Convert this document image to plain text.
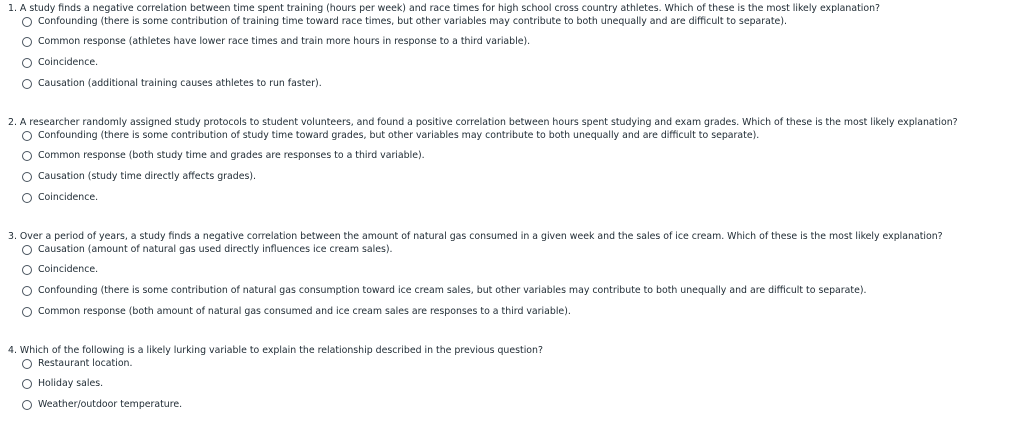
1. A study finds a negative correlation between time spent training (hours per week) and race times for high school cross country athletes. Which of these is the most likely explanation?

Confounding (there is some contribution of training time toward race times, but other variables may contribute to both unequally and are difficult to separate).
Common response (athletes have lower race times and train more hours in response to a third variable).
Coincidence.
Causation (additional training causes athletes to run faster).

2. A researcher randomly assigned study protocols to student volunteers, and found a positive correlation between hours spent studying and exam grades. Which of these is the most likely explanation?

Confounding (there is some contribution of study time toward grades, but other variables may contribute to both unequally and are difficult to separate).
Common response (both study time and grades are responses to a third variable).
Causation (study time directly affects grades).
Coincidence.

3. Over a period of years, a study finds a negative correlation between the amount of natural gas consumed in a given week and the sales of ice cream. Which of these is the most likely explanation?

Causation (amount of natural gas used directly influences ice cream sales).
Coincidence.
Confounding (there is some contribution of natural gas consumption toward ice cream sales, but other variables may contribute to both unequally and are difficult to separate).
Common response (both amount of natural gas consumed and ice cream sales are responses to a third variable).

4. Which of the following is a likely lurking variable to explain the relationship described in the previous question?

Restaurant location.
Holiday sales.
Weather/outdoor temperature.
